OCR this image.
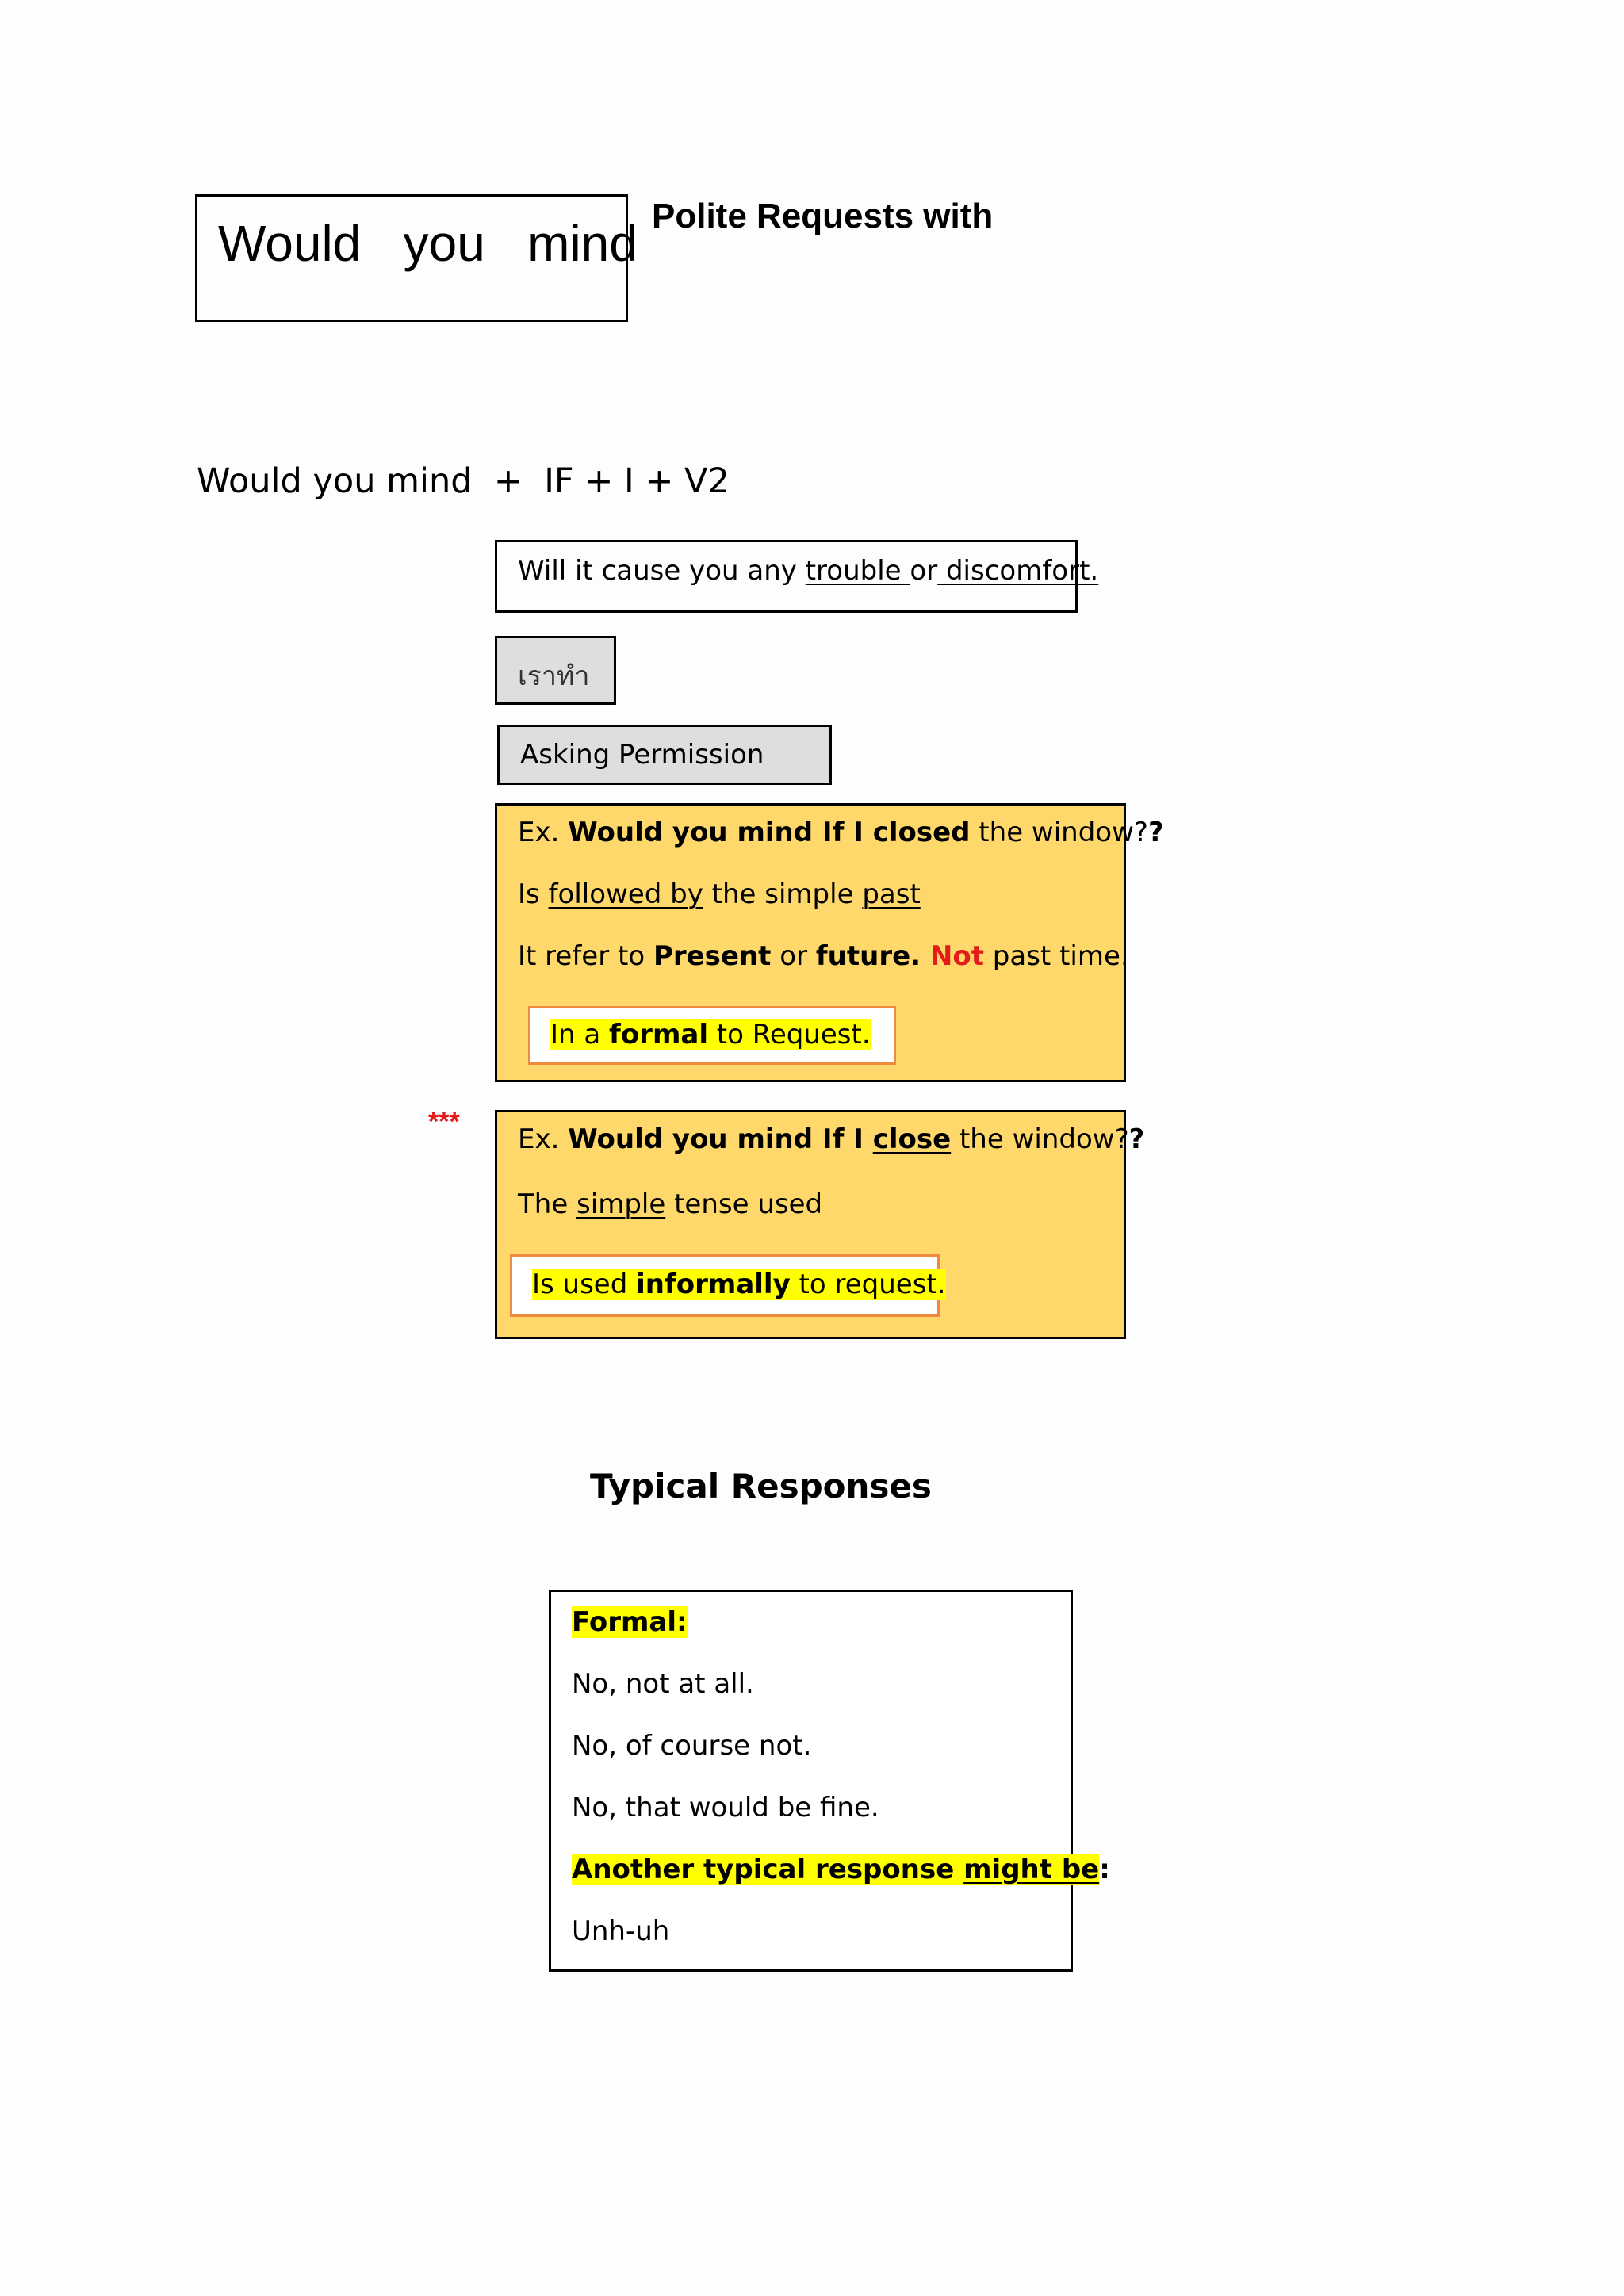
Would   you   mind Polite Requests with
Would you mind  +  IF + I + V2
Will it cause you any trouble or discomfort.
เราทำ
Asking Permission
Ex. Would you mind If I closed the window??
Is followed by the simple past
It refer to Present or future. Not past time.
In a formal to Request.
***
Ex. Would you mind If I close the window??
The simple tense used
Is used informally to request.
Typical Responses
Formal:
No, not at all.
No, of course not.
No, that would be fine.
Another typical response might be:
Unh-uh
